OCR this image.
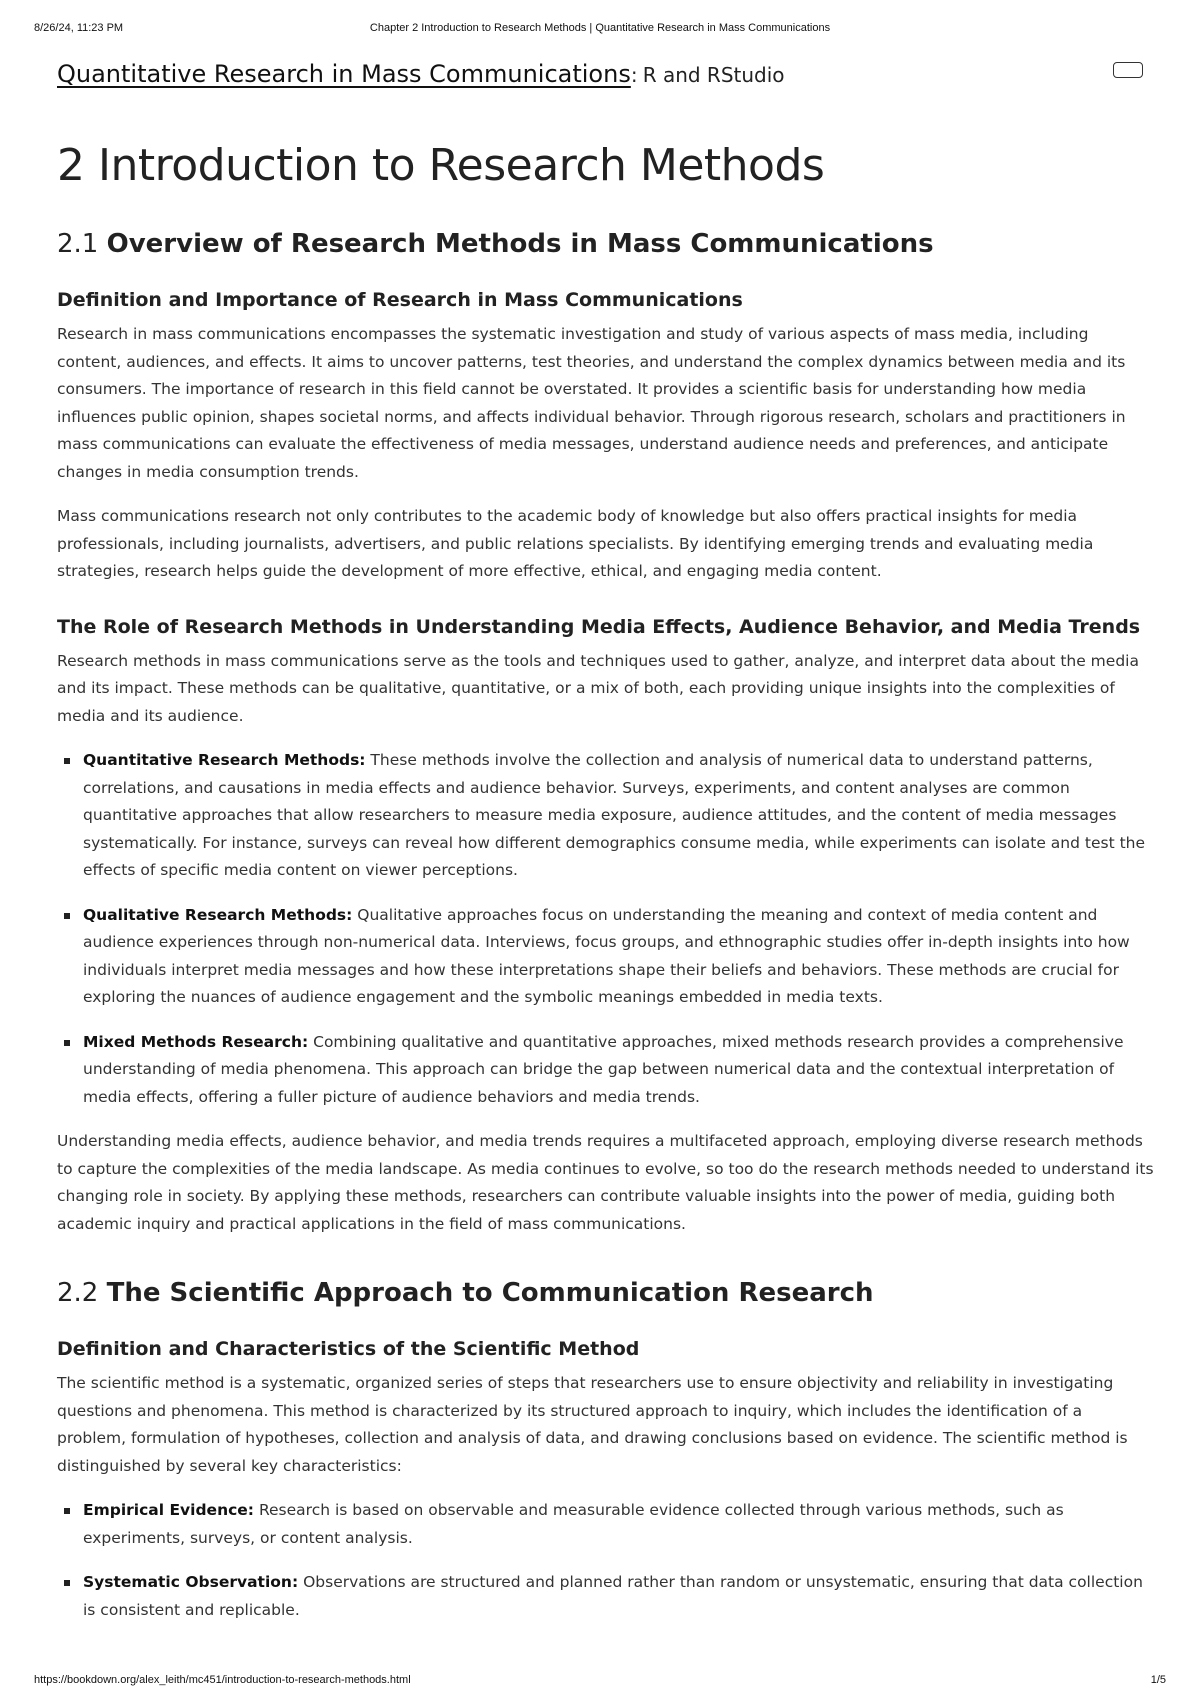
8/26/24, 11:23 PM	Chapter 2 Introduction to Research Methods | Quantitative Research in Mass Communications
Quantitative Research in Mass Communications: R and RStudio
2 Introduction to Research Methods
2.1 Overview of Research Methods in Mass Communications
Definition and Importance of Research in Mass Communications

Research in mass communications encompasses the systematic investigation and study of various aspects of mass media, including content, audiences, and effects. It aims to uncover patterns, test theories, and understand the complex dynamics between media and its consumers. The importance of research in this field cannot be overstated. It provides a scientific basis for understanding how media influences public opinion, shapes societal norms, and affects individual behavior. Through rigorous research, scholars and practitioners in mass communications can evaluate the effectiveness of media messages, understand audience needs and preferences, and anticipate changes in media consumption trends.

Mass communications research not only contributes to the academic body of knowledge but also offers practical insights for media professionals, including journalists, advertisers, and public relations specialists. By identifying emerging trends and evaluating media strategies, research helps guide the development of more effective, ethical, and engaging media content.

The Role of Research Methods in Understanding Media Effects, Audience Behavior, and Media Trends

Research methods in mass communications serve as the tools and techniques used to gather, analyze, and interpret data about the media and its impact. These methods can be qualitative, quantitative, or a mix of both, each providing unique insights into the complexities of media and its audience.

Quantitative Research Methods: These methods involve the collection and analysis of numerical data to understand patterns, correlations, and causations in media effects and audience behavior. Surveys, experiments, and content analyses are common quantitative approaches that allow researchers to measure media exposure, audience attitudes, and the content of media messages systematically. For instance, surveys can reveal how different demographics consume media, while experiments can isolate and test the effects of specific media content on viewer perceptions.
Qualitative Research Methods: Qualitative approaches focus on understanding the meaning and context of media content and audience experiences through non-numerical data. Interviews, focus groups, and ethnographic studies offer in-depth insights into how individuals interpret media messages and how these interpretations shape their beliefs and behaviors. These methods are crucial for exploring the nuances of audience engagement and the symbolic meanings embedded in media texts.
Mixed Methods Research: Combining qualitative and quantitative approaches, mixed methods research provides a comprehensive understanding of media phenomena. This approach can bridge the gap between numerical data and the contextual interpretation of media effects, offering a fuller picture of audience behaviors and media trends.

Understanding media effects, audience behavior, and media trends requires a multifaceted approach, employing diverse research methods to capture the complexities of the media landscape. As media continues to evolve, so too do the research methods needed to understand its changing role in society. By applying these methods, researchers can contribute valuable insights into the power of media, guiding both academic inquiry and practical applications in the field of mass communications.

2.2 The Scientific Approach to Communication Research
Definition and Characteristics of the Scientific Method

The scientific method is a systematic, organized series of steps that researchers use to ensure objectivity and reliability in investigating questions and phenomena. This method is characterized by its structured approach to inquiry, which includes the identification of a problem, formulation of hypotheses, collection and analysis of data, and drawing conclusions based on evidence. The scientific method is distinguished by several key characteristics:

Empirical Evidence: Research is based on observable and measurable evidence collected through various methods, such as experiments, surveys, or content analysis.
Systematic Observation: Observations are structured and planned rather than random or unsystematic, ensuring that data collection is consistent and replicable.
https://bookdown.org/alex_leith/mc451/introduction-to-research-methods.html	1/5
